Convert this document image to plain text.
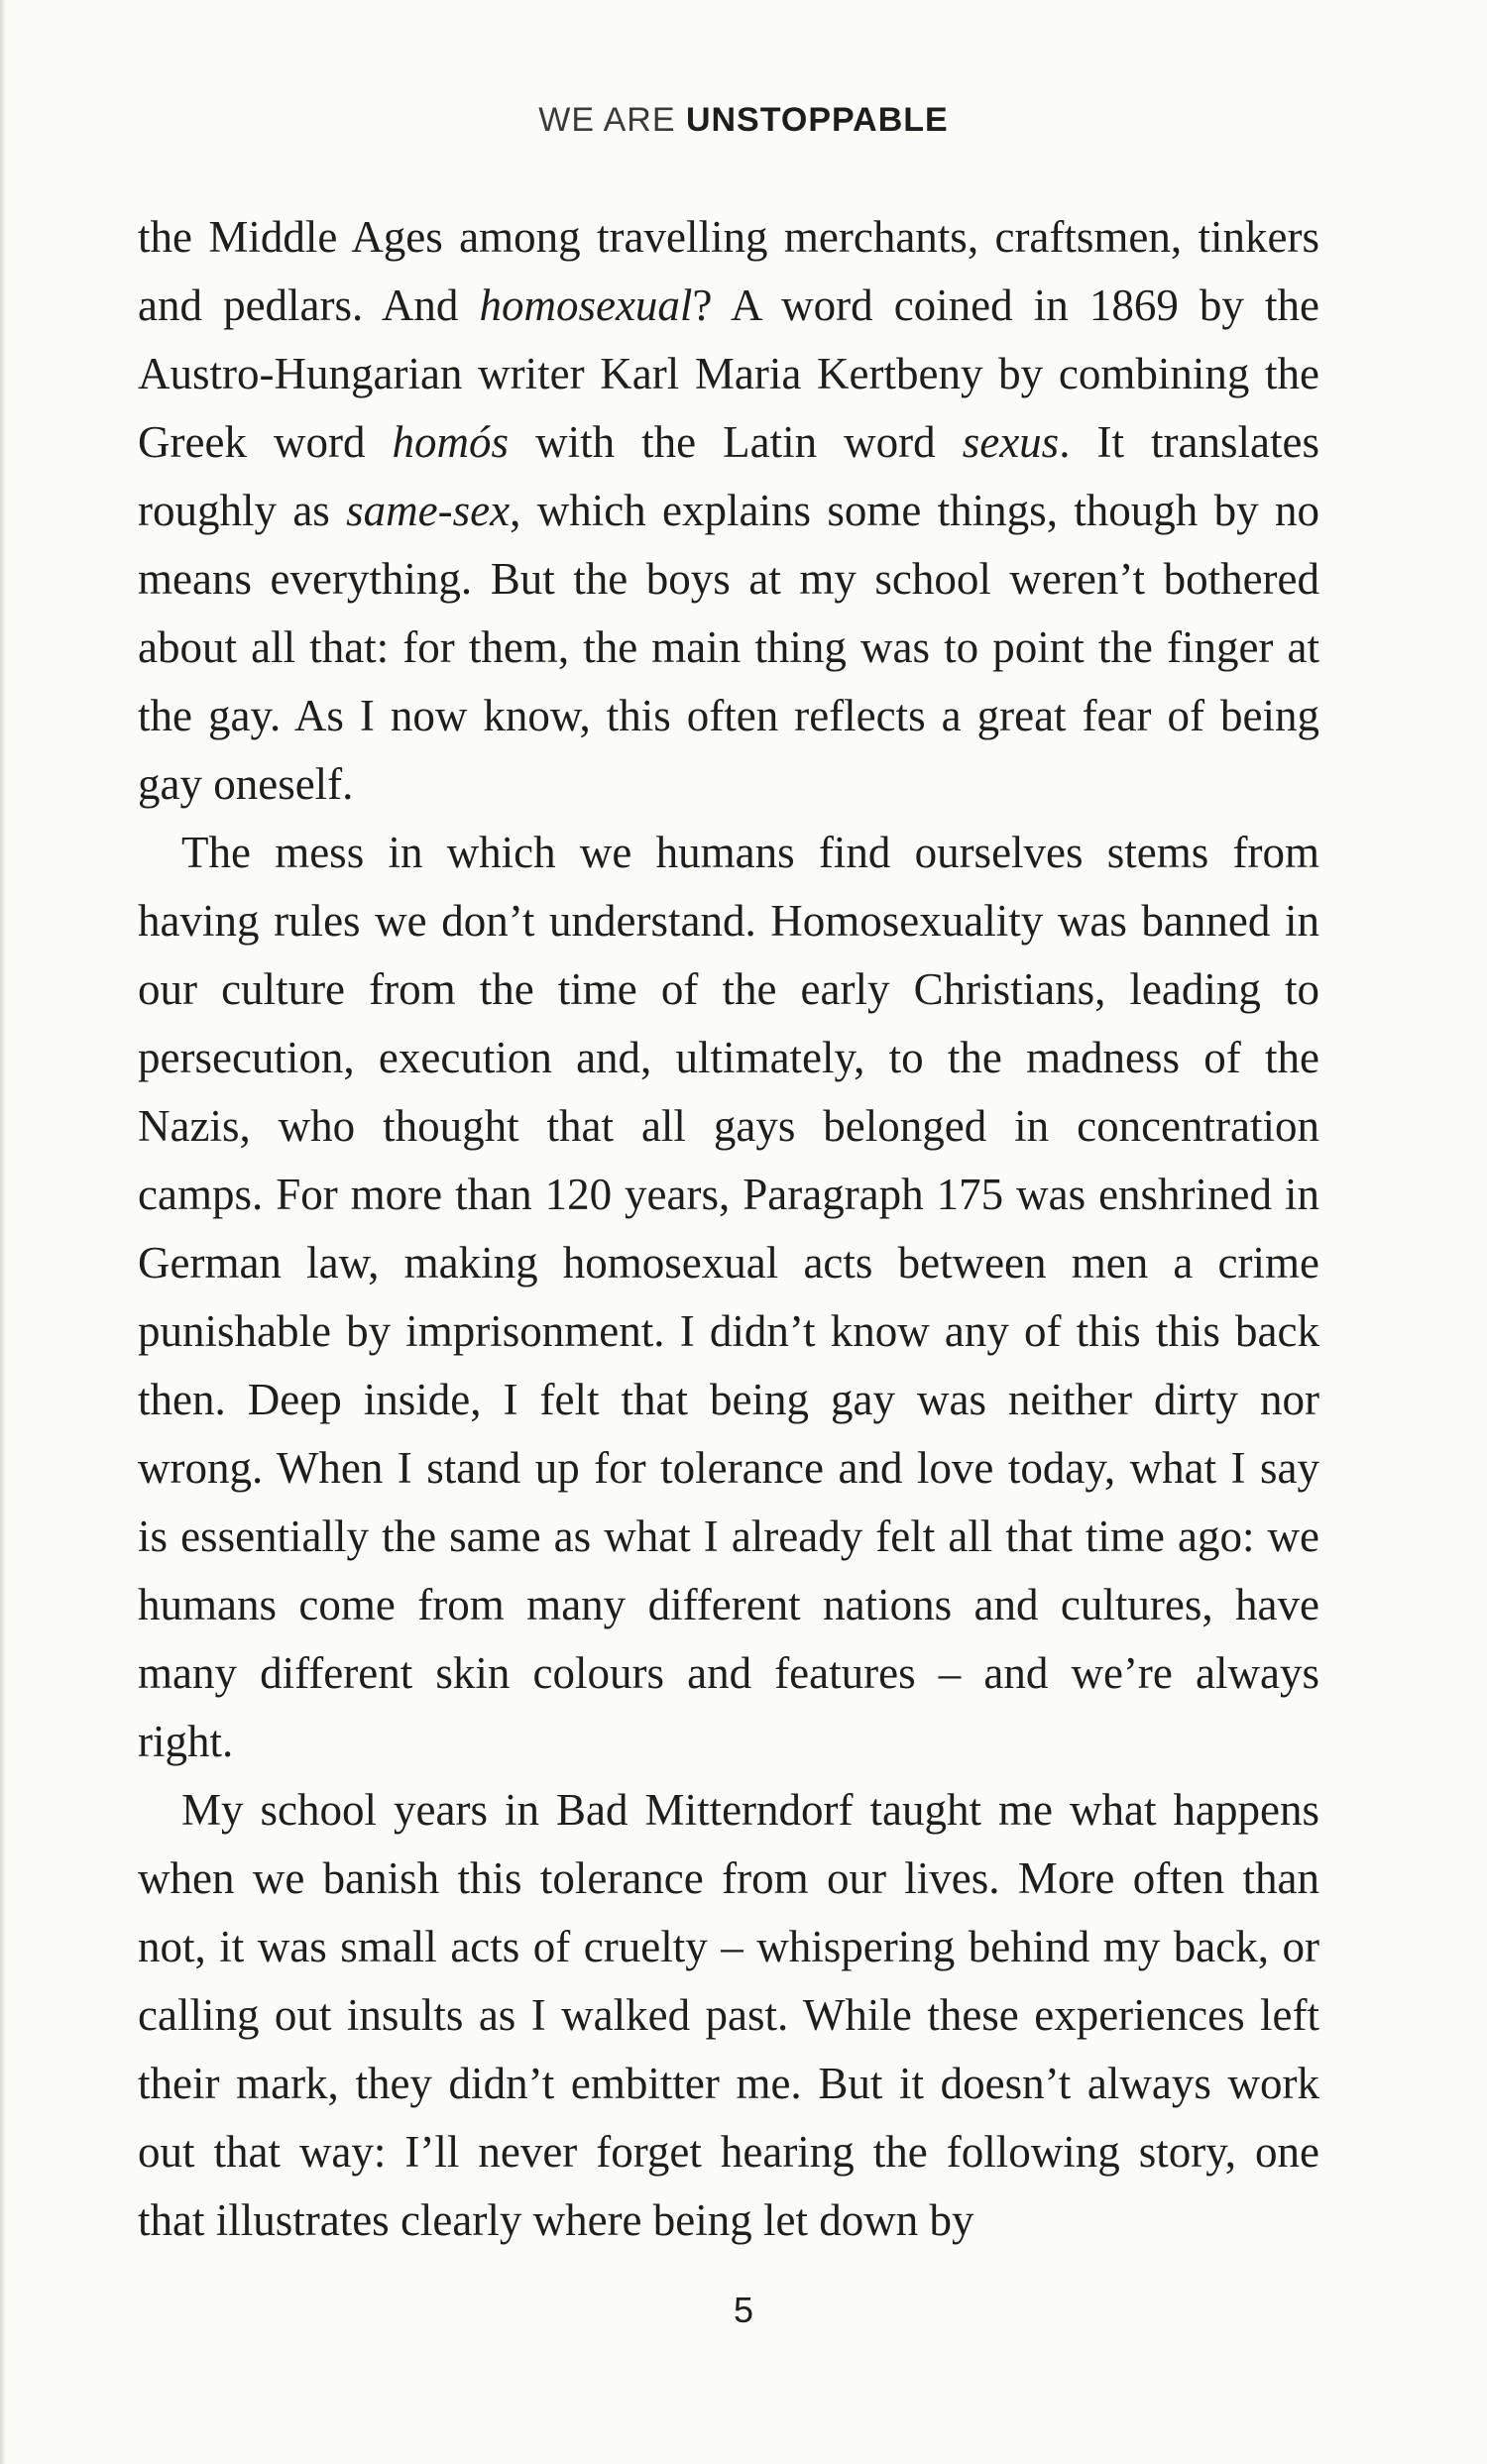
WE ARE UNSTOPPABLE

the Middle Ages among travelling merchants, craftsmen, tinkers and pedlars. And homosexual? A word coined in 1869 by the Austro-Hungarian writer Karl Maria Kertbeny by combining the Greek word homós with the Latin word sexus. It translates roughly as same-sex, which explains some things, though by no means everything. But the boys at my school weren’t bothered about all that: for them, the main thing was to point the finger at the gay. As I now know, this often reflects a great fear of being gay oneself.

The mess in which we humans find ourselves stems from having rules we don’t understand. Homosexuality was banned in our culture from the time of the early Christians, leading to persecution, execution and, ultimately, to the madness of the Nazis, who thought that all gays belonged in concentration camps. For more than 120 years, Paragraph 175 was enshrined in German law, making homosexual acts between men a crime punishable by imprisonment. I didn’t know any of this this back then. Deep inside, I felt that being gay was neither dirty nor wrong. When I stand up for tolerance and love today, what I say is essentially the same as what I already felt all that time ago: we humans come from many different nations and cultures, have many different skin colours and features – and we’re always right.

My school years in Bad Mitterndorf taught me what happens when we banish this tolerance from our lives. More often than not, it was small acts of cruelty – whispering behind my back, or calling out insults as I walked past. While these experiences left their mark, they didn’t embitter me. But it doesn’t always work out that way: I’ll never forget hearing the following story, one that illustrates clearly where being let down by

5
